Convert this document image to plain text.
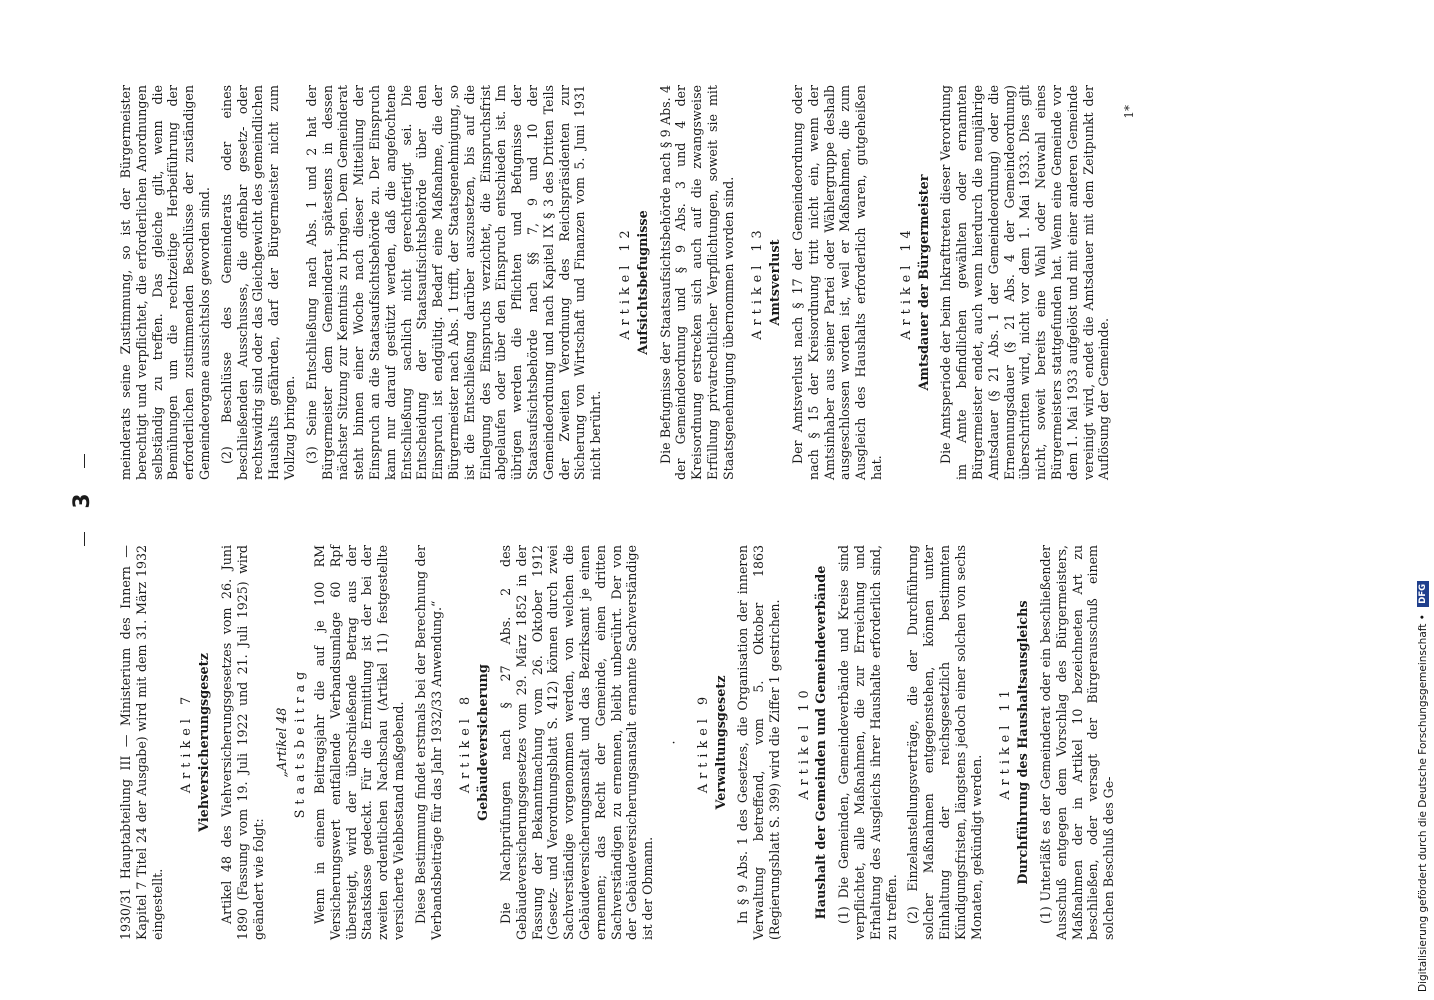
3

1930/31 Hauptabteilung III — Ministerium des Innern — Kapitel 7 Titel 24 der Ausgabe) wird mit dem 31. März 1932 eingestellt.

Artikel 7 Viehversicherungsgesetz Artikel 48 des Viehversicherungsgesetzes vom 26. Juni 1890 (Fassung vom 19. Juli 1922 und 21. Juli 1925) wird geändert wie folgt:

„Artikel 48 Staatsbeitrag Wenn in einem Beitragsjahr die auf je 100 RM Versicherungswert entfallende Verbandsumlage 60 Rpf übersteigt, wird der überschießende Betrag aus der Staatskasse gedeckt. Für die Ermittlung ist der bei der zweiten ordentlichen Nachschau (Artikel 11) festgestellte versicherte Viehbestand maßgebend. Diese Bestimmung findet erstmals bei der Berechnung der Verbandsbeiträge für das Jahr 1932/33 Anwendung.“ Artikel 8 Gebäudeversicherung Die Nachprüfungen nach § 27 Abs. 2 des Gebäudeversicherungsgesetzes vom 29. März 1852 in der Fassung der Bekanntmachung vom 26. Oktober 1912 (Gesetz- und Verordnungsblatt S. 412) können durch zwei Sachverständige vorgenommen werden, von welchen die Gebäudeversicherungsanstalt und das Bezirksamt je einen ernennen; das Recht der Gemeinde, einen dritten Sachverständigen zu ernennen, bleibt unberührt. Der von der Gebäudeversicherungsanstalt ernannte Sachverständige ist der Obmann.

· Artikel 9 Verwaltungsgesetz In § 9 Abs. 1 des Gesetzes, die Organisation der inneren Verwaltung betreffend, vom 5. Oktober 1863 (Regierungsblatt S. 399) wird die Ziffer 1 gestrichen. Artikel 10 Haushalt der Gemeinden und Gemeindeverbände (1) Die Gemeinden, Gemeindeverbände und Kreise sind verpflichtet, alle Maßnahmen, die zur Erreichung und Erhaltung des Ausgleichs ihrer Haushalte erforderlich sind, zu treffen. (2) Einzelanstellungsverträge, die der Durchführung solcher Maßnahmen entgegenstehen, können unter Einhaltung der reichsgesetzlich bestimmten Kündigungsfristen, längstens jedoch einer solchen von sechs Monaten, gekündigt werden.

Artikel 11 Durchführung des Haushaltsausgleichs (1) Unterläßt es der Gemeinderat oder ein beschließender Ausschuß entgegen dem Vorschlag des Bürgermeisters, Maßnahmen der in Artikel 10 bezeichneten Art zu beschließen, oder versagt der Bürgerausschuß einem solchen Beschluß des Ge-

meinderats seine Zustimmung, so ist der Bürgermeister berechtigt und verpflichtet, die erforderlichen Anordnungen selbständig zu treffen. Das gleiche gilt, wenn die Bemühungen um die rechtzeitige Herbeiführung der erforderlichen zustimmenden Beschlüsse der zuständigen Gemeindeorgane aussichtslos geworden sind. (2) Beschlüsse des Gemeinderats oder eines beschließenden Ausschusses, die offenbar gesetz- oder rechtswidrig sind oder das Gleichgewicht des gemeindlichen Haushalts gefährden, darf der Bürgermeister nicht zum Vollzug bringen. (3) Seine Entschließung nach Abs. 1 und 2 hat der Bürgermeister dem Gemeinderat spätestens in dessen nächster Sitzung zur Kenntnis zu bringen. Dem Gemeinderat steht binnen einer Woche nach dieser Mitteilung der Einspruch an die Staatsaufsichtsbehörde zu. Der Einspruch kann nur darauf gestützt werden, daß die angefochtene Entschließung sachlich nicht gerechtfertigt sei. Die Entscheidung der Staatsaufsichtsbehörde über den Einspruch ist endgültig. Bedarf eine Maßnahme, die der Bürgermeister nach Abs. 1 trifft, der Staatsgenehmigung, so ist die Entschließung darüber auszusetzen, bis auf die Einlegung des Einspruchs verzichtet, die Einspruchsfrist abgelaufen oder über den Einspruch entschieden ist. Im übrigen werden die Pflichten und Befugnisse der Staatsaufsichtsbehörde nach §§ 7, 9 und 10 der Gemeindeordnung und nach Kapitel IX § 3 des Dritten Teils der Zweiten Verordnung des Reichspräsidenten zur Sicherung von Wirtschaft und Finanzen vom 5. Juni 1931 nicht berührt.

Artikel 12 Aufsichtsbefugnisse Die Befugnisse der Staatsaufsichtsbehörde nach § 9 Abs. 4 der Gemeindeordnung und § 9 Abs. 3 und 4 der Kreisordnung erstrecken sich auch auf die zwangsweise Erfüllung privatrechtlicher Verpflichtungen, soweit sie mit Staatsgenehmigung übernommen worden sind. Artikel 13 Amtsverlust Der Amtsverlust nach § 17 der Gemeindeordnung oder nach § 15 der Kreisordnung tritt nicht ein, wenn der Amtsinhaber aus seiner Partei oder Wählergruppe deshalb ausgeschlossen worden ist, weil er Maßnahmen, die zum Ausgleich des Haushalts erforderlich waren, gutgeheißen hat.

Artikel 14 Amtsdauer der Bürgermeister Die Amtsperiode der beim Inkrafttreten dieser Verordnung im Amte befindlichen gewählten oder ernannten Bürgermeister endet, auch wenn hierdurch die neunjährige Amtsdauer (§ 21 Abs. 1 der Gemeindeordnung) oder die Ernennungsdauer (§ 21 Abs. 4 der Gemeindeordnung) überschritten wird, nicht vor dem 1. Mai 1933. Dies gilt nicht, soweit bereits eine Wahl oder Neuwahl eines Bürgermeisters stattgefunden hat. Wenn eine Gemeinde vor dem 1. Mai 1933 aufgelöst und mit einer anderen Gemeinde vereinigt wird, endet die Amtsdauer mit dem Zeitpunkt der Auflösung der Gemeinde.

1*
Digitalisierung gefördert durch die Deutsche Forschungsgemeinschaft • DFG
